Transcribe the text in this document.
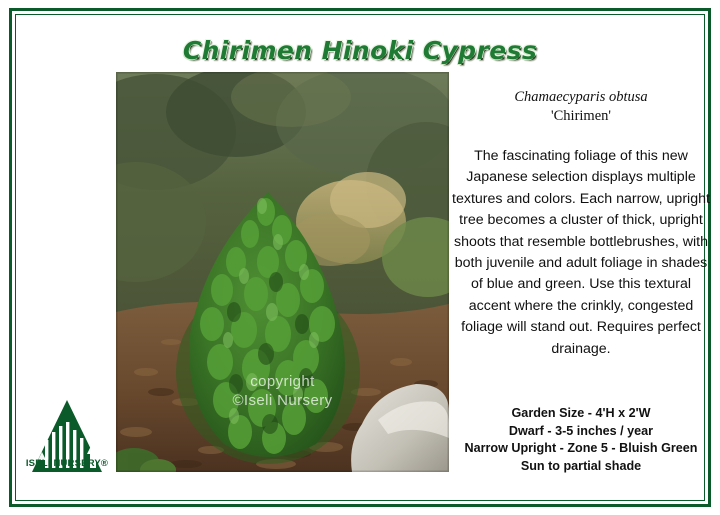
Chirimen Hinoki Cypress
copyright
©Iseli Nursery
Chamaecyparis obtusa
'Chirimen'
The fascinating foliage of this new Japanese selection displays multiple textures and colors. Each narrow, upright tree becomes a cluster of thick, upright shoots that resemble bottlebrushes, with both juvenile and adult foliage in shades of blue and green. Use this textural accent where the crinkly, congested foliage will stand out. Requires perfect drainage.
Garden Size - 4'H x 2'W
Dwarf - 3-5 inches / year
Narrow Upright - Zone 5 - Bluish Green
Sun to partial shade
ISELI NURSERY®
